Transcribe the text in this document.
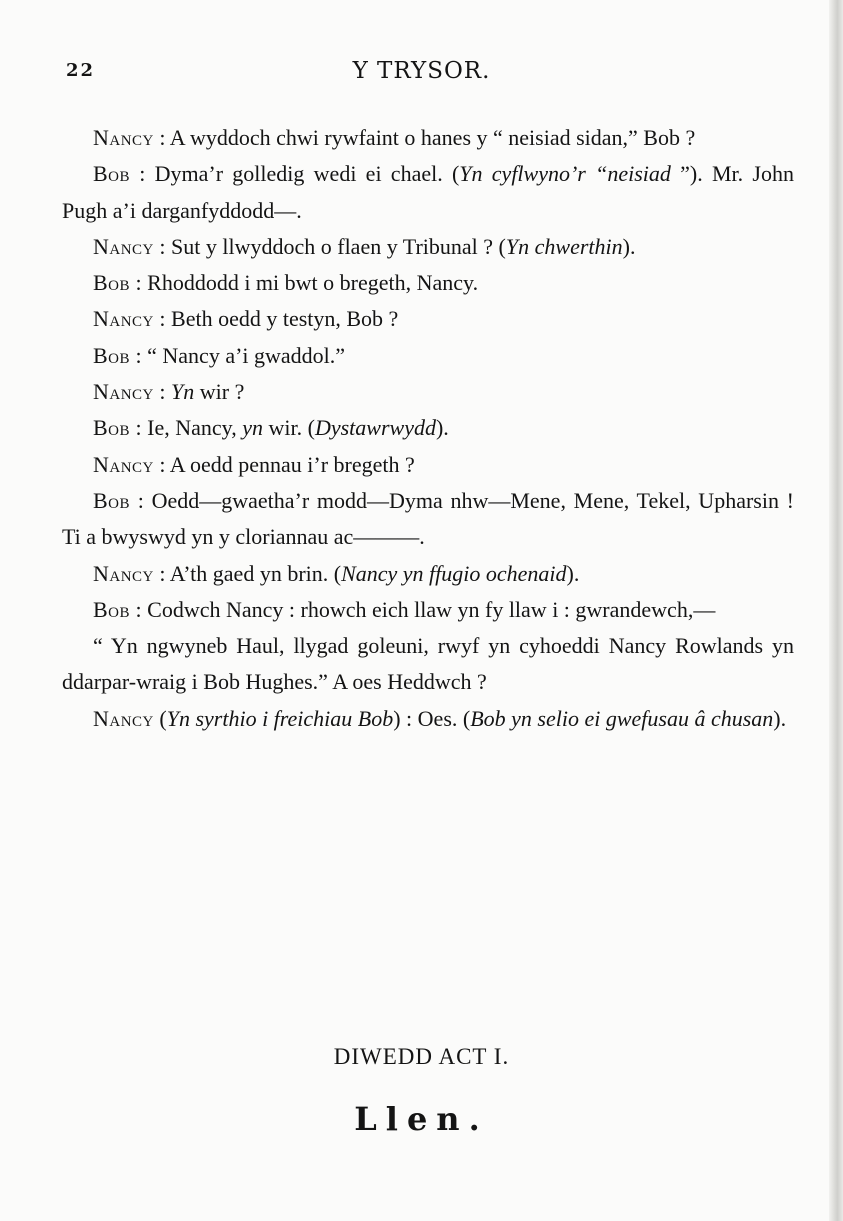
22	Y TRYSOR.

Nancy : A wyddoch chwi rywfaint o hanes y “ neisiad sidan,” Bob ?

Bob : Dyma’r golledig wedi ei chael. (Yn cyflwyno’r “neisiad ”). Mr. John Pugh a’i darganfyddodd—.

Nancy : Sut y llwyddoch o flaen y Tribunal ? (Yn chwerthin).

Bob : Rhoddodd i mi bwt o bregeth, Nancy.

Nancy : Beth oedd y testyn, Bob ?

Bob : “ Nancy a’i gwaddol.”

Nancy : Yn wir ?

Bob : Ie, Nancy, yn wir. (Dystawrwydd).

Nancy : A oedd pennau i’r bregeth ?

Bob : Oedd—gwaetha’r modd—Dyma nhw—Mene, Mene, Tekel, Upharsin ! Ti a bwyswyd yn y cloriannau ac———.

Nancy : A’th gaed yn brin. (Nancy yn ffugio ochenaid).

Bob : Codwch Nancy : rhowch eich llaw yn fy llaw i : gwrandewch,—

“ Yn ngwyneb Haul, llygad goleuni, rwyf yn cyhoeddi Nancy Rowlands yn ddarpar-wraig i Bob Hughes.” A oes Heddwch ?

Nancy (Yn syrthio i freichiau Bob) : Oes. (Bob yn selio ei gwefusau â chusan).

DIWEDD ACT I.
Llen.
